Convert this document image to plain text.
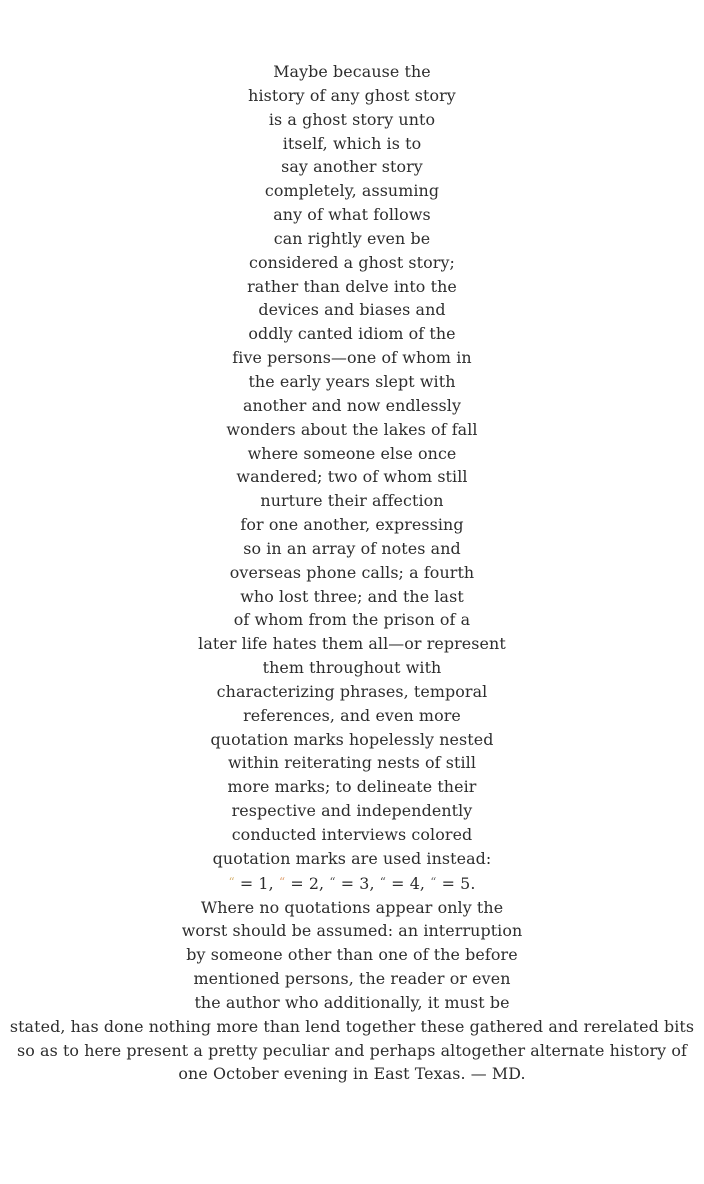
Maybe because the
history of any ghost story
is a ghost story unto
itself, which is to
say another story
completely, assuming
any of what follows
can rightly even be
considered a ghost story;
rather than delve into the
devices and biases and
oddly canted idiom of the
five persons—one of whom in
the early years slept with
another and now endlessly
wonders about the lakes of fall
where someone else once
wandered; two of whom still
nurture their affection
for one another, expressing
so in an array of notes and
overseas phone calls; a fourth
who lost three; and the last
of whom from the prison of a
later life hates them all—or represent
them throughout with
characterizing phrases, temporal
references, and even more
quotation marks hopelessly nested
within reiterating nests of still
more marks; to delineate their
respective and independently
conducted interviews colored
quotation marks are used instead:
“ = 1, “ = 2, “ = 3, “ = 4, “ = 5.
Where no quotations appear only the
worst should be assumed: an interruption
by someone other than one of the before
mentioned persons, the reader or even
the author who additionally, it must be
stated, has done nothing more than lend together these gathered and rerelated bits
so as to here present a pretty peculiar and perhaps altogether alternate history of
one October evening in East Texas. — MD.
